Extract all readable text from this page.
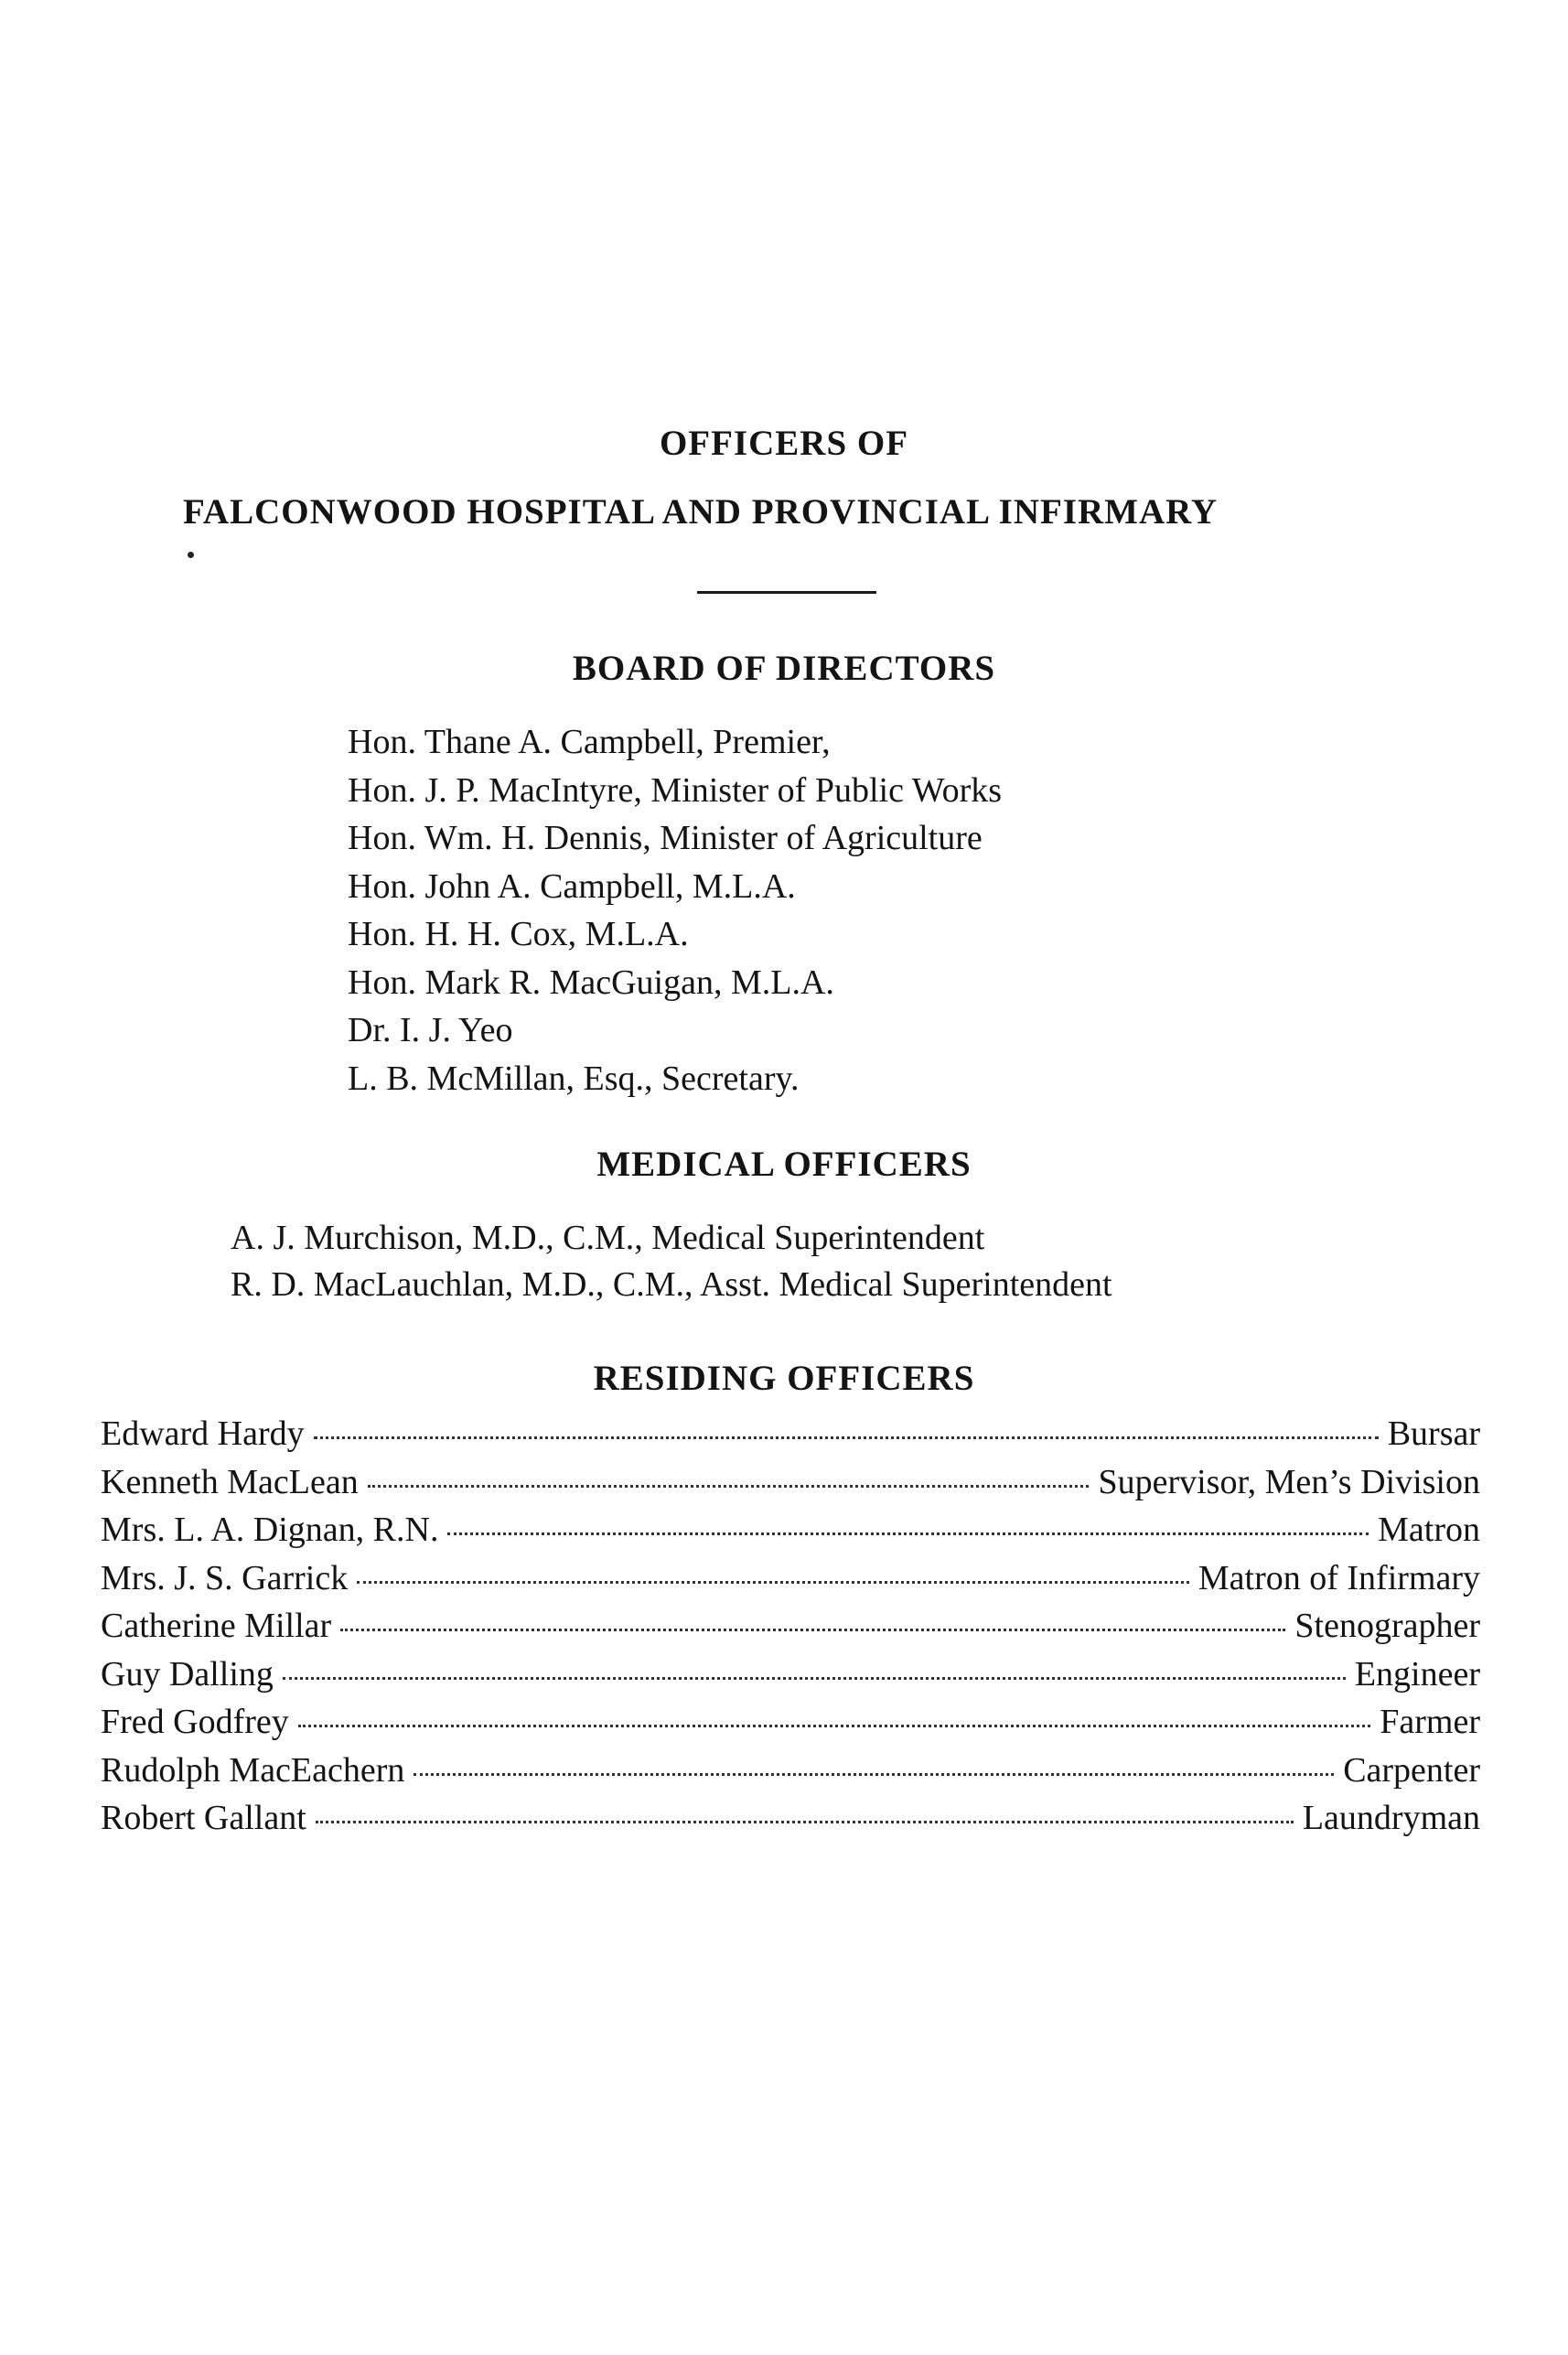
OFFICERS OF
FALCONWOOD HOSPITAL AND PROVINCIAL INFIRMARY
BOARD OF DIRECTORS
Hon. Thane A. Campbell, Premier,
Hon. J. P. MacIntyre, Minister of Public Works
Hon. Wm. H. Dennis, Minister of Agriculture
Hon. John A. Campbell, M.L.A.
Hon. H. H. Cox, M.L.A.
Hon. Mark R. MacGuigan, M.L.A.
Dr. I. J. Yeo
L. B. McMillan, Esq., Secretary.
MEDICAL OFFICERS
A. J. Murchison, M.D., C.M., Medical Superintendent
R. D. MacLauchlan, M.D., C.M., Asst. Medical Superintendent
RESIDING OFFICERS
Edward Hardy	Bursar
Kenneth MacLean	Supervisor, Men’s Division
Mrs. L. A. Dignan, R.N.	Matron
Mrs. J. S. Garrick	Matron of Infirmary
Catherine Millar	Stenographer
Guy Dalling	Engineer
Fred Godfrey	Farmer
Rudolph MacEachern	Carpenter
Robert Gallant	Laundryman
